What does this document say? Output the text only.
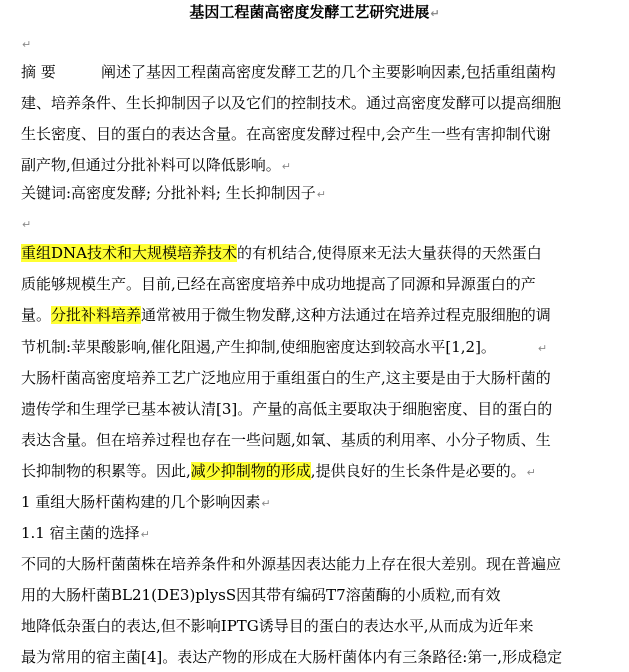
基因工程菌高密度发酵工艺研究进展↵
↵
摘 要	阐述了基因工程菌高密度发酵工艺的几个主要影响因素,包括重组菌构
建、培养条件、生长抑制因子以及它们的控制技术。通过高密度发酵可以提高细胞
生长密度、目的蛋白的表达含量。在高密度发酵过程中,会产生一些有害抑制代谢
副产物,但通过分批补料可以降低影响。↵
关键词:高密度发酵; 分批补料; 生长抑制因子↵
↵
重组DNA技术和大规模培养技术的有机结合,使得原来无法大量获得的天然蛋白
质能够规模生产。目前,已经在高密度培养中成功地提高了同源和异源蛋白的产
量。分批补料培养通常被用于微生物发酵,这种方法通过在培养过程克服细胞的调
节机制:苹果酸影响,催化阻遏,产生抑制,使细胞密度达到较高水平[1,2]。	↵
大肠杆菌高密度培养工艺广泛地应用于重组蛋白的生产,这主要是由于大肠杆菌的
遗传学和生理学已基本被认清[3]。产量的高低主要取决于细胞密度、目的蛋白的
表达含量。但在培养过程也存在一些问题,如氧、基质的利用率、小分子物质、生
长抑制物的积累等。因此,减少抑制物的形成,提供良好的生长条件是必要的。↵
1 重组大肠杆菌构建的几个影响因素↵
1.1 宿主菌的选择↵
不同的大肠杆菌菌株在培养条件和外源基因表达能力上存在很大差别。现在普遍应
用的大肠杆菌BL21(DE3)plysS因其带有编码T7溶菌酶的小质粒,而有效
地降低杂蛋白的表达,但不影响IPTG诱导目的蛋白的表达水平,从而成为近年来
最为常用的宿主菌[4]。表达产物的形成在大肠杆菌体内有三条路径:第一,形成稳定
